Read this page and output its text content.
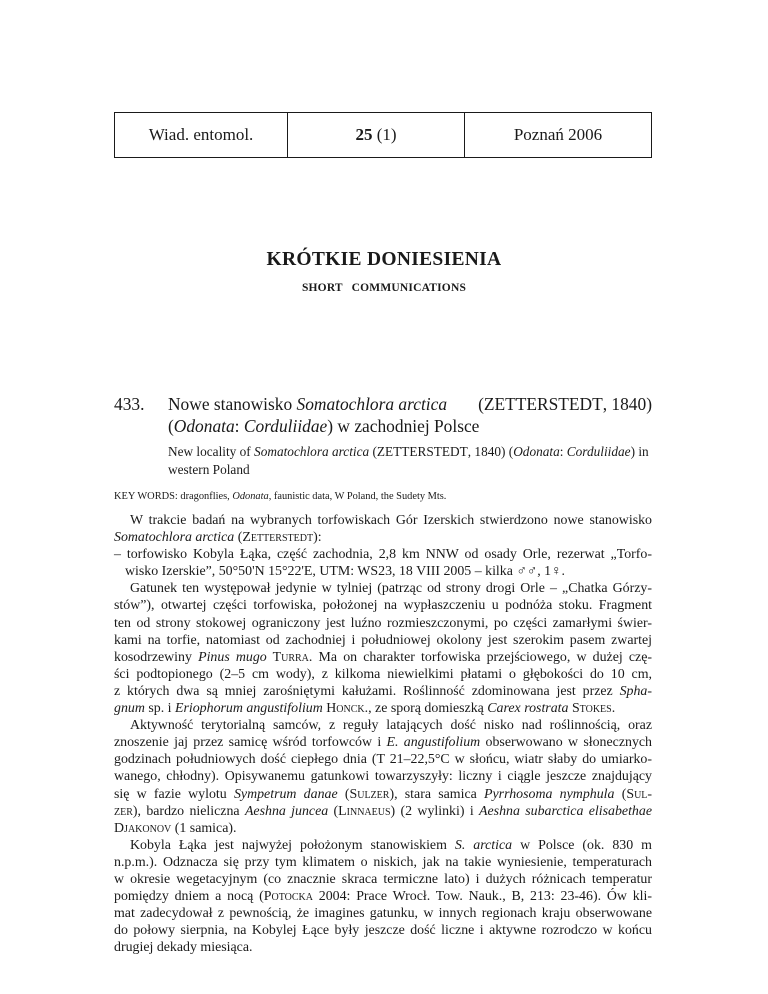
Wiad. entomol.	25 (1)	Poznań 2006
KRÓTKIE DONIESIENIA
SHORT COMMUNICATIONS
433. Nowe stanowisko Somatochlora arctica (ZETTERSTEDT, 1840)
(Odonata: Corduliidae) w zachodniej Polsce
New locality of Somatochlora arctica (ZETTERSTEDT, 1840) (Odonata: Corduliidae) in
western Poland
KEY WORDS: dragonflies, Odonata, faunistic data, W Poland, the Sudety Mts.
W trakcie badań na wybranych torfowiskach Gór Izerskich stwierdzono nowe stanowisko
Somatochlora arctica (Zetterstedt):
– torfowisko Kobyla Łąka, część zachodnia, 2,8 km NNW od osady Orle, rezerwat „Torfo-
wisko Izerskie”, 50°50'N 15°22'E, UTM: WS23, 18 VIII 2005 – kilka ♂♂, 1♀.
Gatunek ten występował jedynie w tylniej (patrząc od strony drogi Orle – „Chatka Górzy-
stów”), otwartej części torfowiska, położonej na wypłaszczeniu u podnóża stoku. Fragment
ten od strony stokowej ograniczony jest luźno rozmieszczonymi, po części zamarłymi świer-
kami na torfie, natomiast od zachodniej i południowej okolony jest szerokim pasem zwartej
kosodrzewiny Pinus mugo Turra. Ma on charakter torfowiska przejściowego, w dużej czę-
ści podtopionego (2–5 cm wody), z kilkoma niewielkimi płatami o głębokości do 10 cm,
z których dwa są mniej zarośniętymi kałużami. Roślinność zdominowana jest przez Spha-
gnum sp. i Eriophorum angustifolium Honck., ze sporą domieszką Carex rostrata Stokes.
Aktywność terytorialną samców, z reguły latających dość nisko nad roślinnością, oraz
znoszenie jaj przez samicę wśród torfowców i E. angustifolium obserwowano w słonecznych
godzinach południowych dość ciepłego dnia (T 21–22,5°C w słońcu, wiatr słaby do umiarko-
wanego, chłodny). Opisywanemu gatunkowi towarzyszyły: liczny i ciągle jeszcze znajdujący
się w fazie wylotu Sympetrum danae (Sulzer), stara samica Pyrrhosoma nymphula (Sul-
zer), bardzo nieliczna Aeshna juncea (Linnaeus) (2 wylinki) i Aeshna subarctica elisabethae
Djakonov (1 samica).
Kobyla Łąka jest najwyżej położonym stanowiskiem S. arctica w Polsce (ok. 830 m
n.p.m.). Odznacza się przy tym klimatem o niskich, jak na takie wyniesienie, temperaturach
w okresie wegetacyjnym (co znacznie skraca termiczne lato) i dużych różnicach temperatur
pomiędzy dniem a nocą (Potocka 2004: Prace Wrocł. Tow. Nauk., B, 213: 23-46). Ów kli-
mat zadecydował z pewnością, że imagines gatunku, w innych regionach kraju obserwowane
do połowy sierpnia, na Kobylej Łące były jeszcze dość liczne i aktywne rozrodczo w końcu
drugiej dekady miesiąca.
